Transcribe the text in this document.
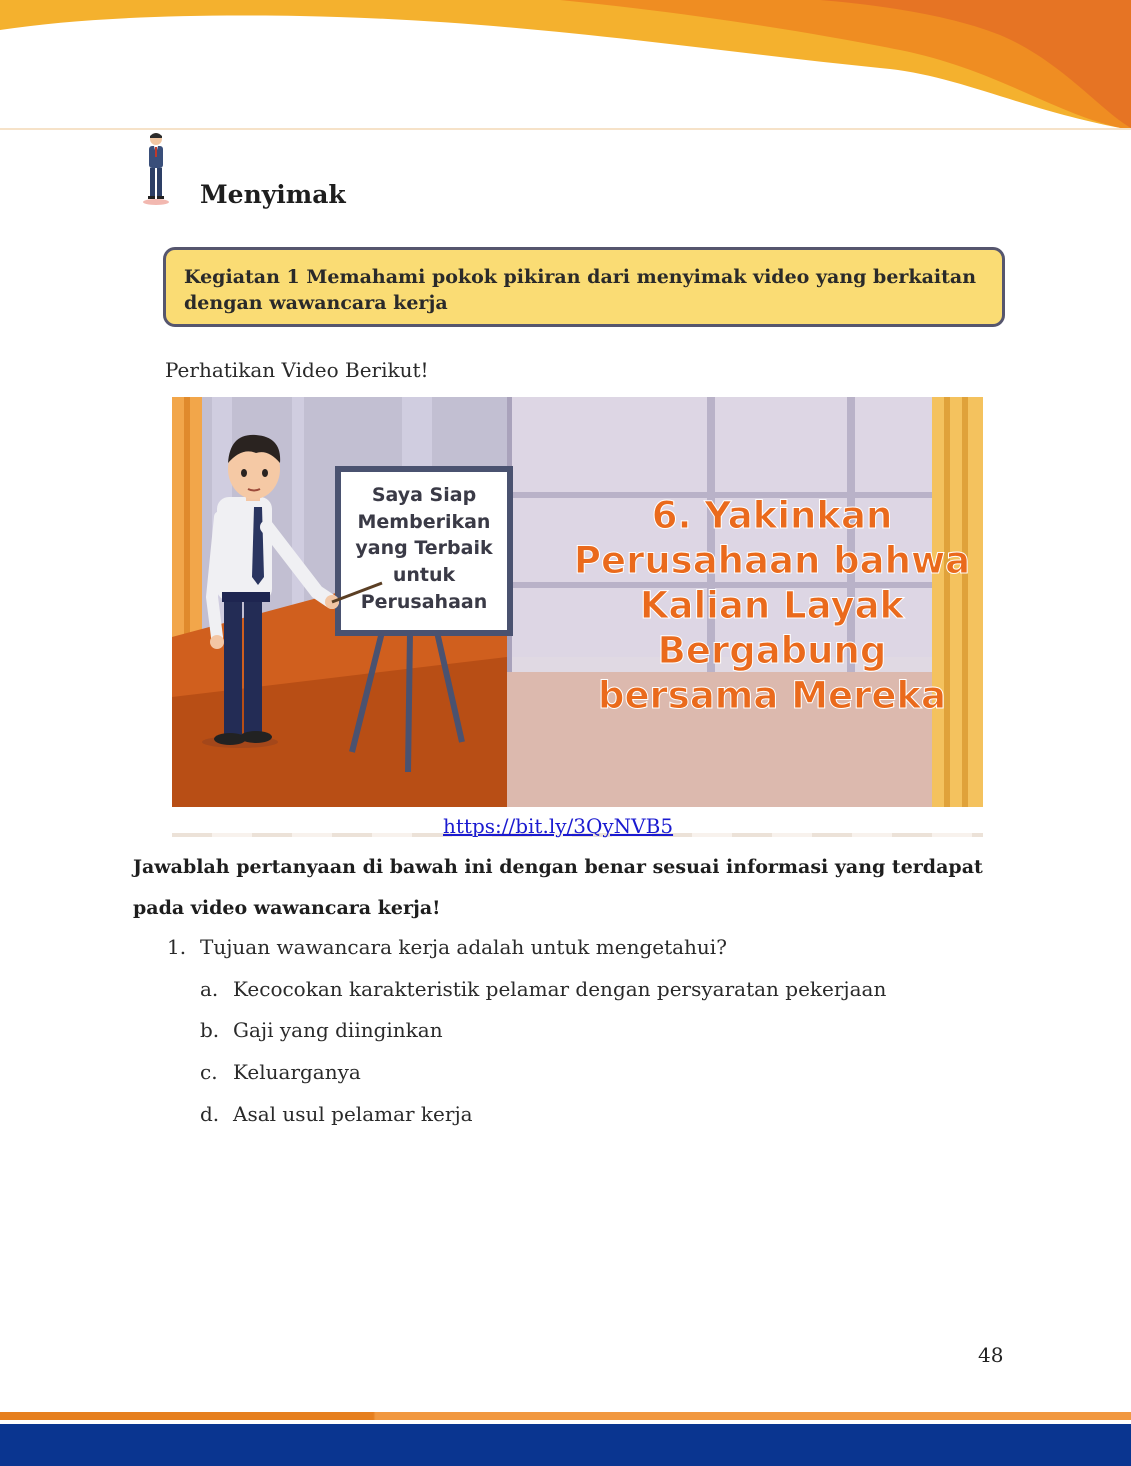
Menyimak
Kegiatan 1 Memahami pokok pikiran dari menyimak video yang berkaitan dengan wawancara kerja
Perhatikan Video Berikut!
Saya Siap
Memberikan
yang Terbaik
untuk
Perusahaan
6. Yakinkan
Perusahaan bahwa
Kalian Layak
Bergabung
bersama Mereka
https://bit.ly/3QyNVB5
Jawablah pertanyaan di bawah ini dengan benar sesuai informasi yang terdapat
pada video wawancara kerja!
1. Tujuan wawancara kerja adalah untuk mengetahui?
a. Kecocokan karakteristik pelamar dengan persyaratan pekerjaan
b. Gaji yang diinginkan
c. Keluarganya
d. Asal usul pelamar kerja
48
